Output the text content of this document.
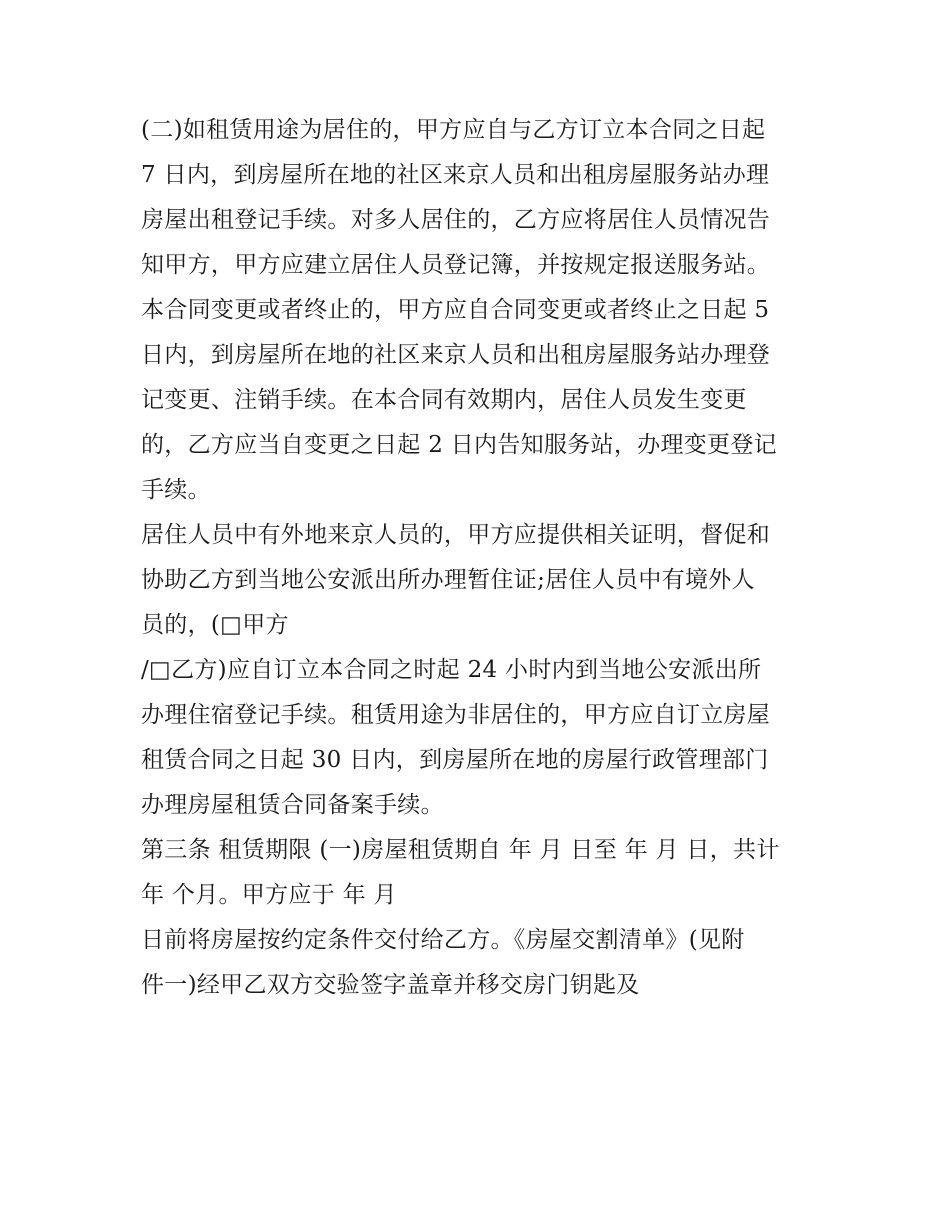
(二)如租赁用途为居住的，甲方应自与乙方订立本合同之日起
7 日内，到房屋所在地的社区来京人员和出租房屋服务站办理
房屋出租登记手续。对多人居住的，乙方应将居住人员情况告
知甲方，甲方应建立居住人员登记簿，并按规定报送服务站。
本合同变更或者终止的，甲方应自合同变更或者终止之日起 5
日内，到房屋所在地的社区来京人员和出租房屋服务站办理登
记变更、注销手续。在本合同有效期内，居住人员发生变更
的，乙方应当自变更之日起 2 日内告知服务站，办理变更登记
手续。
居住人员中有外地来京人员的，甲方应提供相关证明，督促和
协助乙方到当地公安派出所办理暂住证;居住人员中有境外人
员的，(□甲方
/□乙方)应自订立本合同之时起 24 小时内到当地公安派出所
办理住宿登记手续。租赁用途为非居住的，甲方应自订立房屋
租赁合同之日起 30 日内，到房屋所在地的房屋行政管理部门
办理房屋租赁合同备案手续。
第三条 租赁期限 (一)房屋租赁期自 年 月 日至 年 月 日，共计
年 个月。甲方应于 年 月
日前将房屋按约定条件交付给乙方。《房屋交割清单》(见附
件一)经甲乙双方交验签字盖章并移交房门钥匙及
